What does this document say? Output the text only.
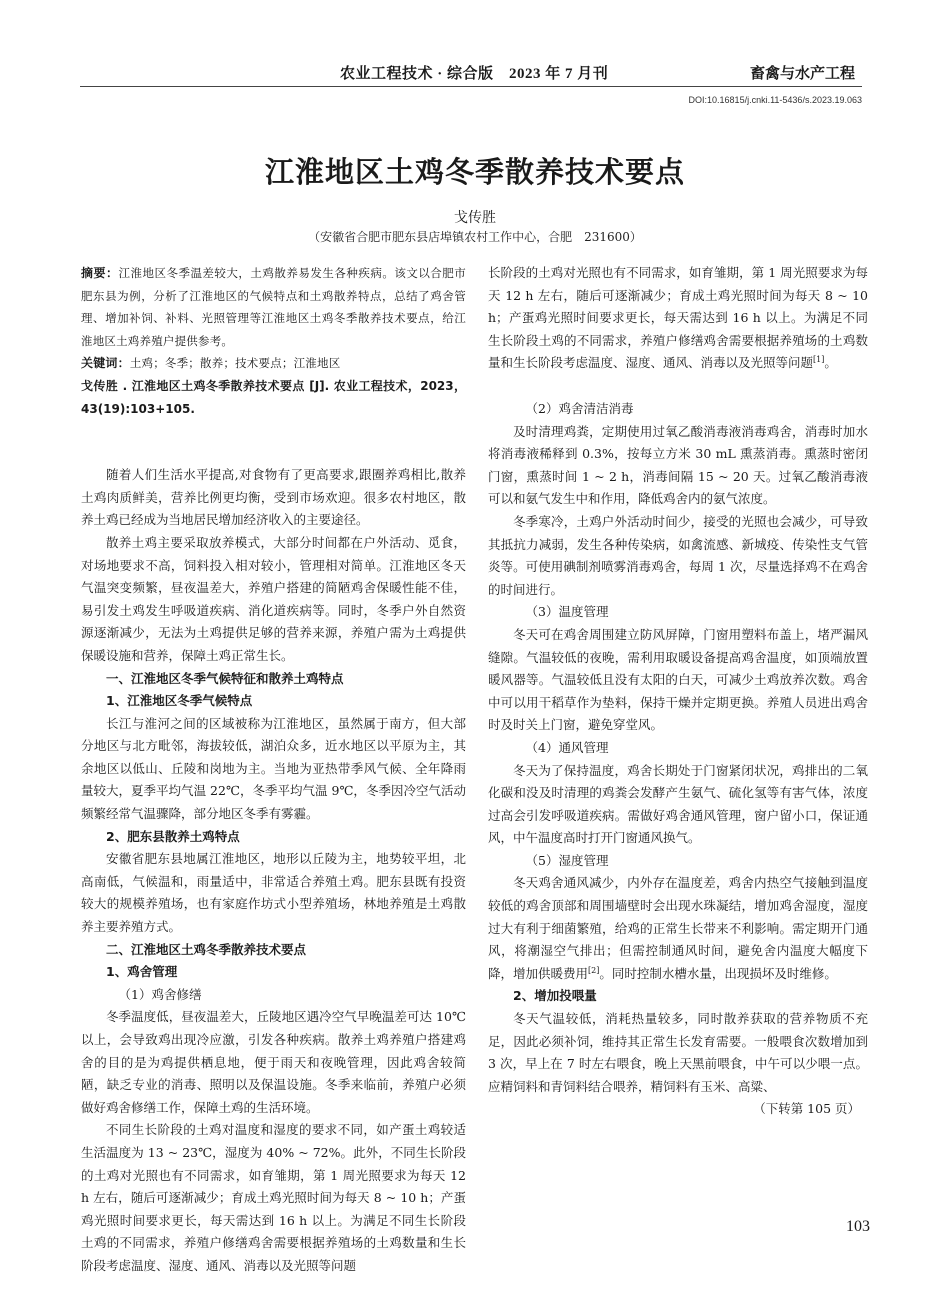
农业工程技术 · 综合版　2023 年 7 月刊	畜禽与水产工程
DOI:10.16815/j.cnki.11-5436/s.2023.19.063
江淮地区土鸡冬季散养技术要点
戈传胜
（安徽省合肥市肥东县店埠镇农村工作中心，合肥　231600）

摘要：江淮地区冬季温差较大，土鸡散养易发生各种疾病。该文以合肥市肥东县为例，分析了江淮地区的气候特点和土鸡散养特点，总结了鸡舍管理、增加补饲、补料、光照管理等江淮地区土鸡冬季散养技术要点，给江淮地区土鸡养殖户提供参考。

关键词：土鸡；冬季；散养；技术要点；江淮地区

戈传胜 . 江淮地区土鸡冬季散养技术要点 [J]. 农业工程技术，2023，43(19):103+105.

随着人们生活水平提高,对食物有了更高要求,跟圈养鸡相比,散养土鸡肉质鲜美，营养比例更均衡，受到市场欢迎。很多农村地区，散养土鸡已经成为当地居民增加经济收入的主要途径。

散养土鸡主要采取放养模式，大部分时间都在户外活动、觅食，对场地要求不高，饲料投入相对较小，管理相对简单。江淮地区冬天气温突变频繁，昼夜温差大，养殖户搭建的简陋鸡舍保暖性能不佳，易引发土鸡发生呼吸道疾病、消化道疾病等。同时，冬季户外自然资源逐渐减少，无法为土鸡提供足够的营养来源，养殖户需为土鸡提供保暖设施和营养，保障土鸡正常生长。

一、江淮地区冬季气候特征和散养土鸡特点

1、江淮地区冬季气候特点

长江与淮河之间的区域被称为江淮地区，虽然属于南方，但大部分地区与北方毗邻，海拔较低，湖泊众多，近水地区以平原为主，其余地区以低山、丘陵和岗地为主。当地为亚热带季风气候、全年降雨量较大，夏季平均气温 22℃，冬季平均气温 9℃，冬季因冷空气活动频繁经常气温骤降，部分地区冬季有雾霾。

2、肥东县散养土鸡特点

安徽省肥东县地属江淮地区，地形以丘陵为主，地势较平坦，北高南低，气候温和，雨量适中，非常适合养殖土鸡。肥东县既有投资较大的规模养殖场，也有家庭作坊式小型养殖场，林地养殖是土鸡散养主要养殖方式。

二、江淮地区土鸡冬季散养技术要点

1、鸡舍管理

（1）鸡舍修缮

冬季温度低，昼夜温差大，丘陵地区遇冷空气早晚温差可达 10℃以上，会导致鸡出现冷应激，引发各种疾病。散养土鸡养殖户搭建鸡舍的目的是为鸡提供栖息地，便于雨天和夜晚管理，因此鸡舍较简陋，缺乏专业的消毒、照明以及保温设施。冬季来临前，养殖户必须做好鸡舍修缮工作，保障土鸡的生活环境。

不同生长阶段的土鸡对温度和湿度的要求不同，如产蛋土鸡较适生活温度为 13 ~ 23℃，湿度为 40% ~ 72%。此外，不同生长阶段的土鸡对光照也有不同需求，如育雏期，第 1 周光照要求为每天 12 h 左右，随后可逐渐减少；育成土鸡光照时间为每天 8 ~ 10 h；产蛋鸡光照时间要求更长，每天需达到 16 h 以上。为满足不同生长阶段土鸡的不同需求，养殖户修缮鸡舍需要根据养殖场的土鸡数量和生长阶段考虑温度、湿度、通风、消毒以及光照等问题

长阶段的土鸡对光照也有不同需求，如育雏期，第 1 周光照要求为每天 12 h 左右，随后可逐渐减少；育成土鸡光照时间为每天 8 ~ 10 h；产蛋鸡光照时间要求更长，每天需达到 16 h 以上。为满足不同生长阶段土鸡的不同需求，养殖户修缮鸡舍需要根据养殖场的土鸡数量和生长阶段考虑温度、湿度、通风、消毒以及光照等问题[1]。

（2）鸡舍清洁消毒

及时清理鸡粪，定期使用过氧乙酸消毒液消毒鸡舍，消毒时加水将消毒液稀释到 0.3%，按每立方米 30 mL 熏蒸消毒。熏蒸时密闭门窗，熏蒸时间 1 ~ 2 h，消毒间隔 15 ~ 20 天。过氧乙酸消毒液可以和氨气发生中和作用，降低鸡舍内的氨气浓度。

冬季寒冷，土鸡户外活动时间少，接受的光照也会减少，可导致其抵抗力减弱，发生各种传染病，如禽流感、新城疫、传染性支气管炎等。可使用碘制剂喷雾消毒鸡舍，每周 1 次，尽量选择鸡不在鸡舍的时间进行。

（3）温度管理

冬天可在鸡舍周围建立防风屏障，门窗用塑料布盖上，堵严漏风缝隙。气温较低的夜晚，需利用取暖设备提高鸡舍温度，如顶端放置暖风器等。气温较低且没有太阳的白天，可减少土鸡放养次数。鸡舍中可以用干稻草作为垫料，保持干燥并定期更换。养殖人员进出鸡舍时及时关上门窗，避免穿堂风。

（4）通风管理

冬天为了保持温度，鸡舍长期处于门窗紧闭状况，鸡排出的二氧化碳和没及时清理的鸡粪会发酵产生氨气、硫化氢等有害气体，浓度过高会引发呼吸道疾病。需做好鸡舍通风管理，窗户留小口，保证通风，中午温度高时打开门窗通风换气。

（5）湿度管理

冬天鸡舍通风减少，内外存在温度差，鸡舍内热空气接触到温度较低的鸡舍顶部和周围墙壁时会出现水珠凝结，增加鸡舍湿度，湿度过大有利于细菌繁殖，给鸡的正常生长带来不利影响。需定期开门通风，将潮湿空气排出；但需控制通风时间，避免舍内温度大幅度下降，增加供暖费用[2]。同时控制水槽水量，出现损坏及时维修。

2、增加投喂量

冬天气温较低，消耗热量较多，同时散养获取的营养物质不充足，因此必须补饲，维持其正常生长发育需要。一般喂食次数增加到 3 次，早上在 7 时左右喂食，晚上天黑前喂食，中午可以少喂一点。应精饲料和青饲料结合喂养，精饲料有玉米、高粱、

（下转第 105 页）

103
